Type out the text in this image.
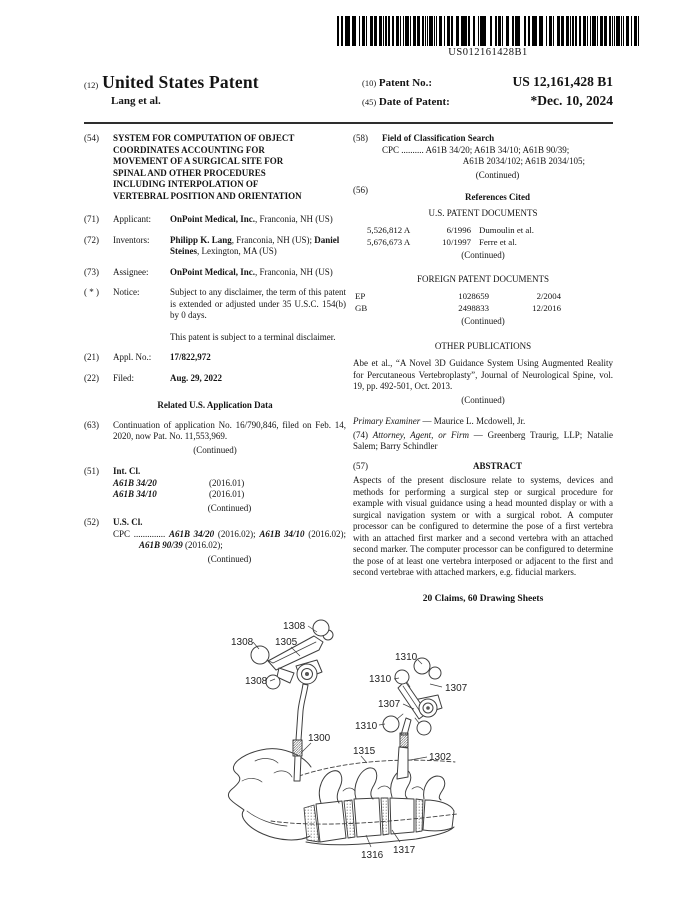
US012161428B1
(12) United States Patent
Lang et al.
(10) Patent No.:	US 12,161,428 B1
(45) Date of Patent:	*Dec. 10, 2024
(54)	SYSTEM FOR COMPUTATION OF OBJECT COORDINATES ACCOUNTING FOR MOVEMENT OF A SURGICAL SITE FOR SPINAL AND OTHER PROCEDURES INCLUDING INTERPOLATION OF VERTEBRAL POSITION AND ORIENTATION
(71)	Applicant:	OnPoint Medical, Inc., Franconia, NH (US)
(72)	Inventors:	Philipp K. Lang, Franconia, NH (US); Daniel Steines, Lexington, MA (US)
(73)	Assignee:	OnPoint Medical, Inc., Franconia, NH (US)
( * )	Notice:	Subject to any disclaimer, the term of this patent is extended or adjusted under 35 U.S.C. 154(b) by 0 days.

This patent is subject to a terminal disclaimer.

(21)	Appl. No.:	17/822,972
(22)	Filed:	Aug. 29, 2022
Related U.S. Application Data
(63)	Continuation of application No. 16/790,846, filed on Feb. 14, 2020, now Pat. No. 11,553,969.
(Continued)
(51)	Int. Cl.
A61B 34/20	(2016.01)
A61B 34/10	(2016.01)
(Continued)
(52)	U.S. Cl.

CPC .............. A61B 34/20 (2016.02); A61B 34/10 (2016.02); A61B 90/39 (2016.02);

(Continued)
(58)	Field of Classification Search
CPC .......... A61B 34/20; A61B 34/10; A61B 90/39;
A61B 2034/102; A61B 2034/105;
(Continued)
(56)
References Cited
U.S. PATENT DOCUMENTS
5,526,812 A	6/1996 Dumoulin et al.
5,676,673 A	10/1997 Ferre et al.
(Continued)
FOREIGN PATENT DOCUMENTS
EP	1028659	2/2004
GB	2498833	12/2016
(Continued)
OTHER PUBLICATIONS

Abe et al., “A Novel 3D Guidance System Using Augmented Reality for Percutaneous Vertebroplasty”, Journal of Neurological Spine, vol. 19, pp. 492-501, Oct. 2013.

(Continued)
Primary Examiner — Maurice L. Mcdowell, Jr.
(74) Attorney, Agent, or Firm — Greenberg Traurig, LLP; Natalie Salem; Barry Schindler
(57)	ABSTRACT

Aspects of the present disclosure relate to systems, devices and methods for performing a surgical step or surgical procedure for example with visual guidance using a head mounted display or with a surgical navigation system or with a surgical robot. A computer processor can be configured to determine the pose of a first vertebra with an attached first marker and a second vertebra with an attached second marker. The computer processor can be configured to determine the pose of at least one vertebra interposed or adjacent to the first and second vertebrae with attached markers, e.g. fiducial markers.

20 Claims, 60 Drawing Sheets
1308
1308 1305
1308
1310
1310
1307
1307
1310
1300
1315
1302
1316 1317
